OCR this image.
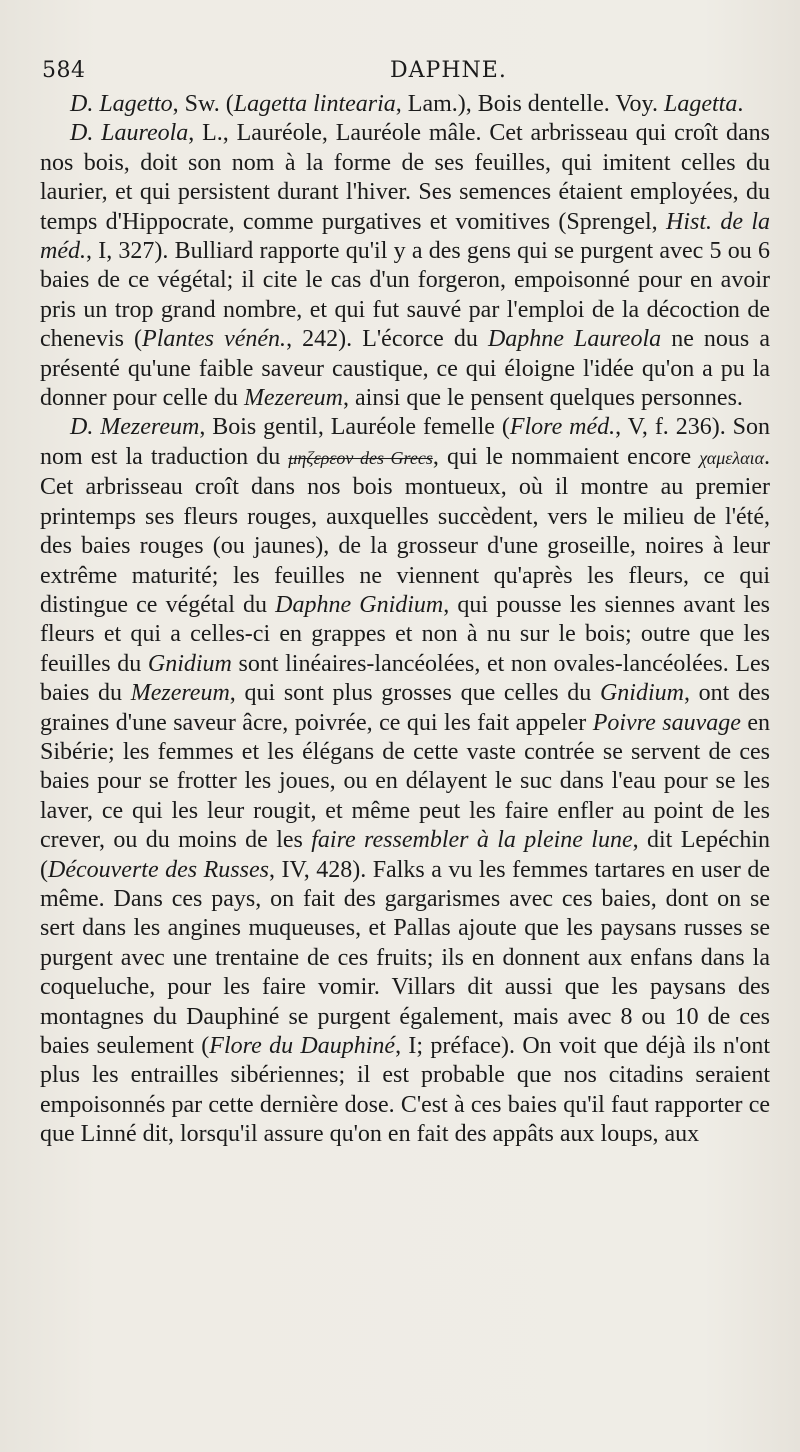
584	DAPHNE.

D. Lagetto, Sw. (Lagetta lintearia, Lam.), Bois dentelle. Voy. Lagetta.

D. Laureola, L., Lauréole, Lauréole mâle. Cet arbrisseau qui croît dans nos bois, doit son nom à la forme de ses feuilles, qui imitent celles du laurier, et qui persistent durant l'hiver. Ses semences étaient employées, du temps d'Hippocrate, comme purgatives et vomitives (Sprengel, Hist. de la méd., I, 327). Bulliard rapporte qu'il y a des gens qui se purgent avec 5 ou 6 baies de ce végétal; il cite le cas d'un forgeron, empoisonné pour en avoir pris un trop grand nombre, et qui fut sauvé par l'emploi de la décoction de chenevis (Plantes vénén., 242). L'écorce du Daphne Laureola ne nous a présenté qu'une faible saveur caustique, ce qui éloigne l'idée qu'on a pu la donner pour celle du Mezereum, ainsi que le pensent quelques personnes.

D. Mezereum, Bois gentil, Lauréole femelle (Flore méd., V, f. 236). Son nom est la traduction du μηζερεον des Grecs, qui le nommaient encore χαμελαια. Cet arbrisseau croît dans nos bois montueux, où il montre au premier printemps ses fleurs rouges, auxquelles succèdent, vers le milieu de l'été, des baies rouges (ou jaunes), de la grosseur d'une groseille, noires à leur extrême maturité; les feuilles ne viennent qu'après les fleurs, ce qui distingue ce végétal du Daphne Gnidium, qui pousse les siennes avant les fleurs et qui a celles-ci en grappes et non à nu sur le bois; outre que les feuilles du Gnidium sont linéaires-lancéolées, et non ovales-lancéolées. Les baies du Mezereum, qui sont plus grosses que celles du Gnidium, ont des graines d'une saveur âcre, poivrée, ce qui les fait appeler Poivre sauvage en Sibérie; les femmes et les élégans de cette vaste contrée se servent de ces baies pour se frotter les joues, ou en délayent le suc dans l'eau pour se les laver, ce qui les leur rougit, et même peut les faire enfler au point de les crever, ou du moins de les faire ressembler à la pleine lune, dit Lepéchin (Découverte des Russes, IV, 428). Falks a vu les femmes tartares en user de même. Dans ces pays, on fait des gargarismes avec ces baies, dont on se sert dans les angines muqueuses, et Pallas ajoute que les paysans russes se purgent avec une trentaine de ces fruits; ils en donnent aux enfans dans la coqueluche, pour les faire vomir. Villars dit aussi que les paysans des montagnes du Dauphiné se purgent également, mais avec 8 ou 10 de ces baies seulement (Flore du Dauphiné, I; préface). On voit que déjà ils n'ont plus les entrailles sibériennes; il est probable que nos citadins seraient empoisonnés par cette dernière dose. C'est à ces baies qu'il faut rapporter ce que Linné dit, lorsqu'il assure qu'on en fait des appâts aux loups, aux
